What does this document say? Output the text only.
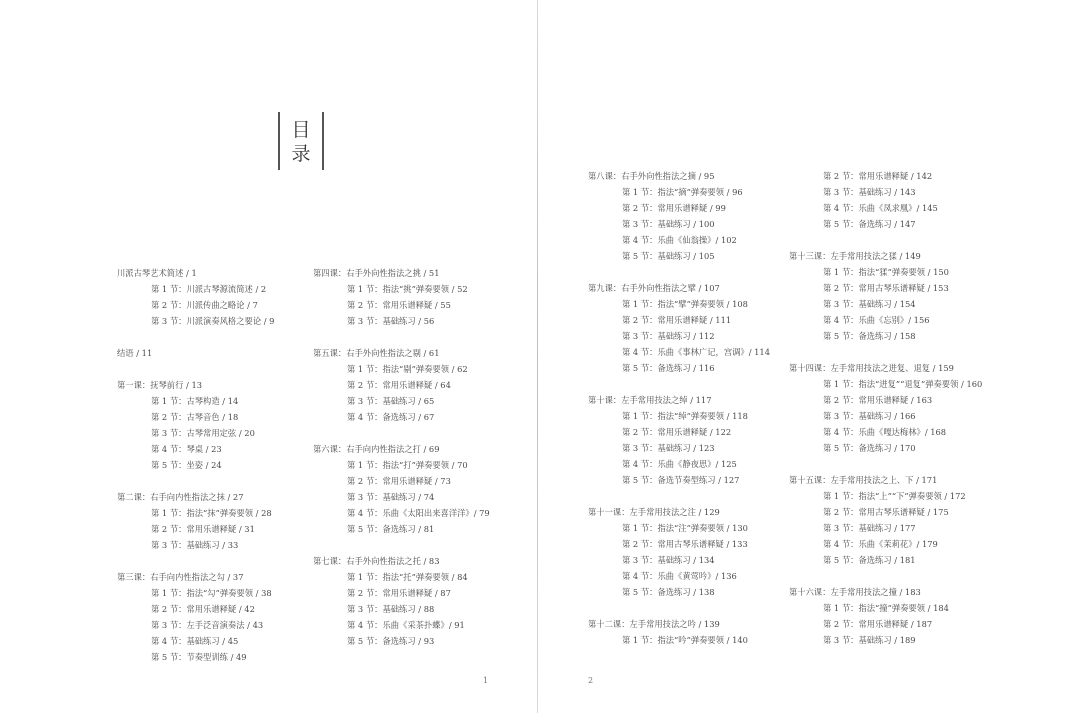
目
录
川派古琴艺术简述 / 1
第 1 节：川派古琴源流简述 / 2
第 2 节：川派传曲之略论 / 7
第 3 节：川派演奏风格之要论 / 9
结语 / 11
第一课：抚琴前行 / 13
第 1 节：古琴构造 / 14
第 2 节：古琴音色 / 18
第 3 节：古琴常用定弦 / 20
第 4 节：琴桌 / 23
第 5 节：坐姿 / 24
第二课：右手向内性指法之抹 / 27
第 1 节：指法“抹”弹奏要领 / 28
第 2 节：常用乐谱释疑 / 31
第 3 节：基础练习 / 33
第三课：右手向内性指法之勾 / 37
第 1 节：指法“勾”弹奏要领 / 38
第 2 节：常用乐谱释疑 / 42
第 3 节：左手泛音演奏法 / 43
第 4 节：基础练习 / 45
第 5 节：节奏型训练 / 49
第四课：右手外向性指法之挑 / 51
第 1 节：指法“挑”弹奏要领 / 52
第 2 节：常用乐谱释疑 / 55
第 3 节：基础练习 / 56
第五课：右手外向性指法之剔 / 61
第 1 节：指法“剔”弹奏要领 / 62
第 2 节：常用乐谱释疑 / 64
第 3 节：基础练习 / 65
第 4 节：备选练习 / 67
第六课：右手向内性指法之打 / 69
第 1 节：指法“打”弹奏要领 / 70
第 2 节：常用乐谱释疑 / 73
第 3 节：基础练习 / 74
第 4 节：乐曲《太阳出来喜洋洋》/ 79
第 5 节：备选练习 / 81
第七课：右手外向性指法之托 / 83
第 1 节：指法“托”弹奏要领 / 84
第 2 节：常用乐谱释疑 / 87
第 3 节：基础练习 / 88
第 4 节：乐曲《采茶扑蝶》/ 91
第 5 节：备选练习 / 93
1
第八课：右手外向性指法之摘 / 95
第 1 节：指法“摘”弹奏要领 / 96
第 2 节：常用乐谱释疑 / 99
第 3 节：基础练习 / 100
第 4 节：乐曲《仙翁操》/ 102
第 5 节：基础练习 / 105
第九课：右手外向性指法之擘 / 107
第 1 节：指法“擘”弹奏要领 / 108
第 2 节：常用乐谱释疑 / 111
第 3 节：基础练习 / 112
第 4 节：乐曲《事林广记，宫调》/ 114
第 5 节：备选练习 / 116
第十课：左手常用技法之绰 / 117
第 1 节：指法“绰”弹奏要领 / 118
第 2 节：常用乐谱释疑 / 122
第 3 节：基础练习 / 123
第 4 节：乐曲《静夜思》/ 125
第 5 节：备选节奏型练习 / 127
第十一课：左手常用技法之注 / 129
第 1 节：指法“注”弹奏要领 / 130
第 2 节：常用古琴乐谱释疑 / 133
第 3 节：基础练习 / 134
第 4 节：乐曲《黄莺吟》/ 136
第 5 节：备选练习 / 138
第十二课：左手常用技法之吟 / 139
第 1 节：指法“吟”弹奏要领 / 140
第 2 节：常用乐谱释疑 / 142
第 3 节：基础练习 / 143
第 4 节：乐曲《凤求凰》/ 145
第 5 节：备选练习 / 147
第十三课：左手常用技法之猱 / 149
第 1 节：指法“猱”弹奏要领 / 150
第 2 节：常用古琴乐谱释疑 / 153
第 3 节：基础练习 / 154
第 4 节：乐曲《忘别》/ 156
第 5 节：备选练习 / 158
第十四课：左手常用技法之进复、退复 / 159
第 1 节：指法“进复”“退复”弹奏要领 / 160
第 2 节：常用乐谱释疑 / 163
第 3 节：基础练习 / 166
第 4 节：乐曲《嘎达梅林》/ 168
第 5 节：备选练习 / 170
第十五课：左手常用技法之上、下 / 171
第 1 节：指法“上”“下”弹奏要领 / 172
第 2 节：常用古琴乐谱释疑 / 175
第 3 节：基础练习 / 177
第 4 节：乐曲《茉莉花》/ 179
第 5 节：备选练习 / 181
第十六课：左手常用技法之撞 / 183
第 1 节：指法“撞”弹奏要领 / 184
第 2 节：常用乐谱释疑 / 187
第 3 节：基础练习 / 189
2
